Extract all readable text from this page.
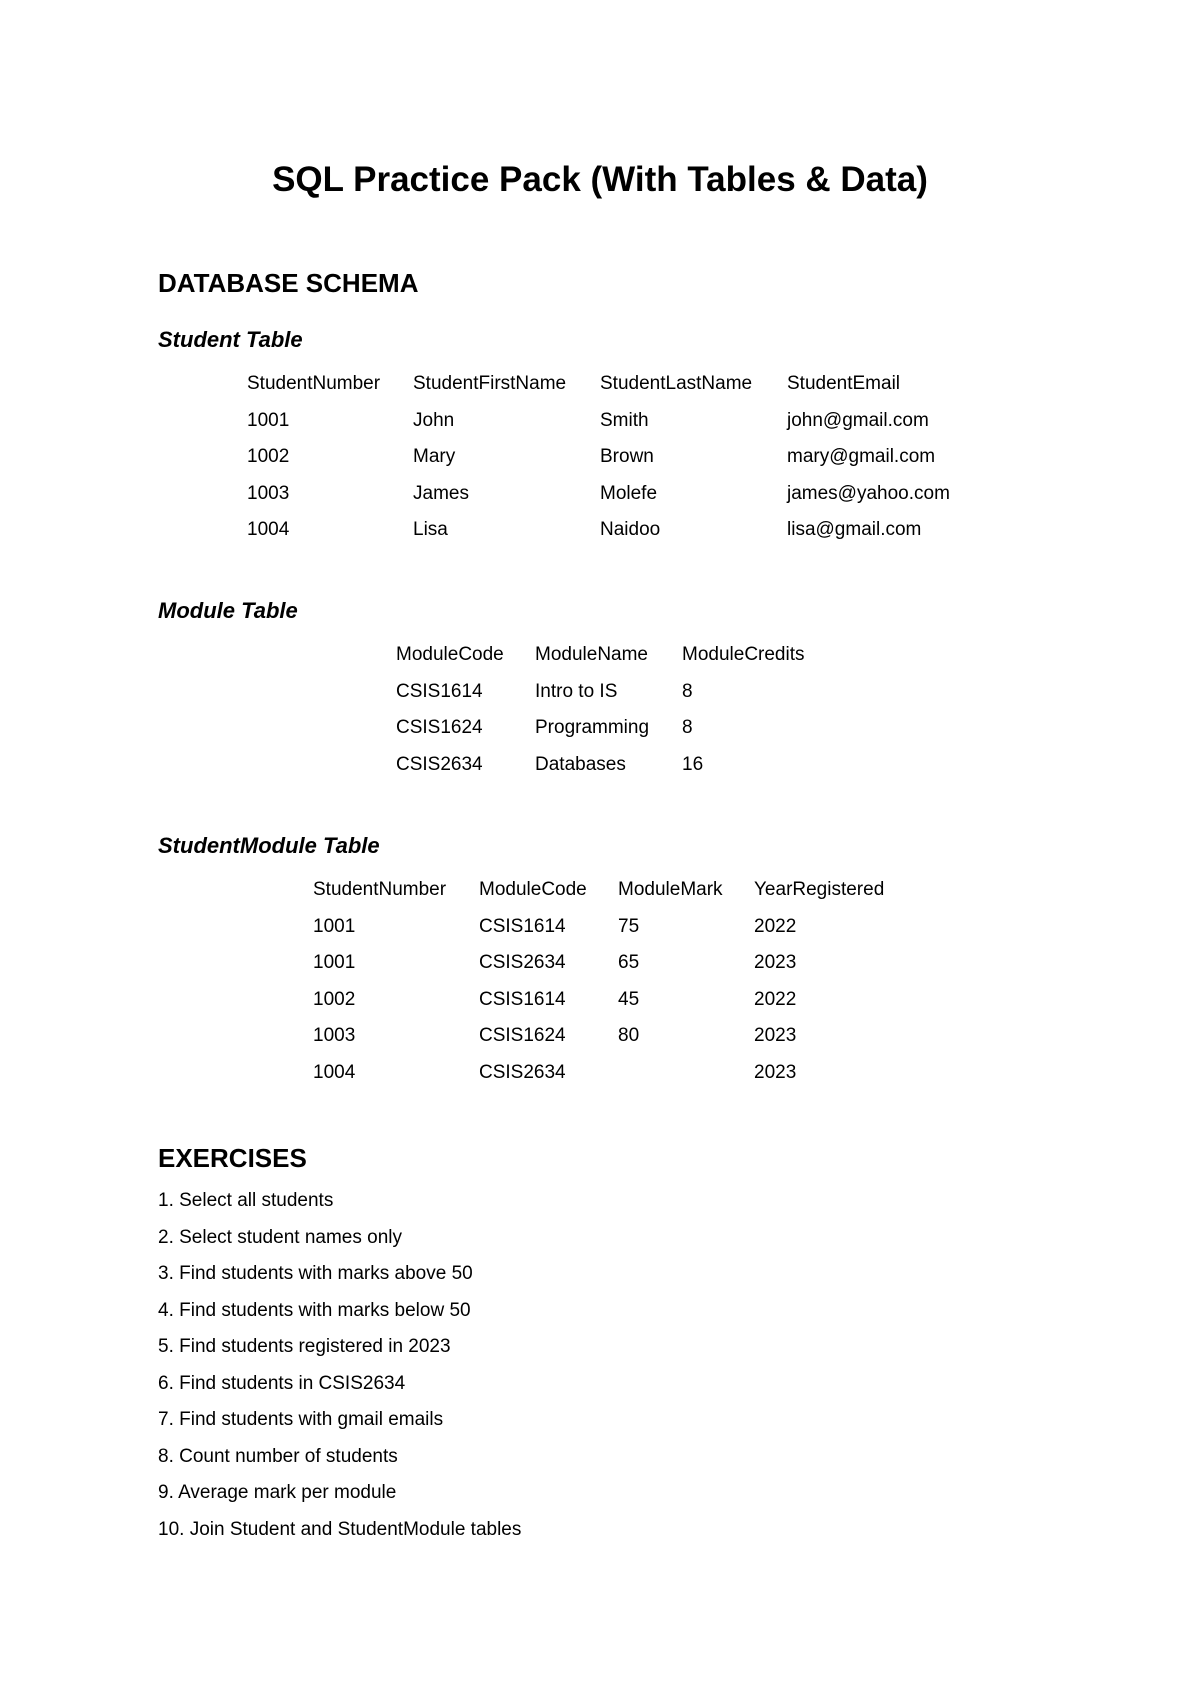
SQL Practice Pack (With Tables & Data)
DATABASE SCHEMA
Student Table
StudentNumber	StudentFirstName	StudentLastName	StudentEmail
1001	John	Smith	john@gmail.com
1002	Mary	Brown	mary@gmail.com
1003	James	Molefe	james@yahoo.com
1004	Lisa	Naidoo	lisa@gmail.com
Module Table
ModuleCode	ModuleName	ModuleCredits
CSIS1614	Intro to IS	8
CSIS1624	Programming	8
CSIS2634	Databases	16
StudentModule Table
StudentNumber	ModuleCode	ModuleMark	YearRegistered
1001	CSIS1614	75	2022
1001	CSIS2634	65	2023
1002	CSIS1614	45	2022
1003	CSIS1624	80	2023
1004	CSIS2634		2023
EXERCISES
1. Select all students
2. Select student names only
3. Find students with marks above 50
4. Find students with marks below 50
5. Find students registered in 2023
6. Find students in CSIS2634
7. Find students with gmail emails
8. Count number of students
9. Average mark per module
10. Join Student and StudentModule tables
